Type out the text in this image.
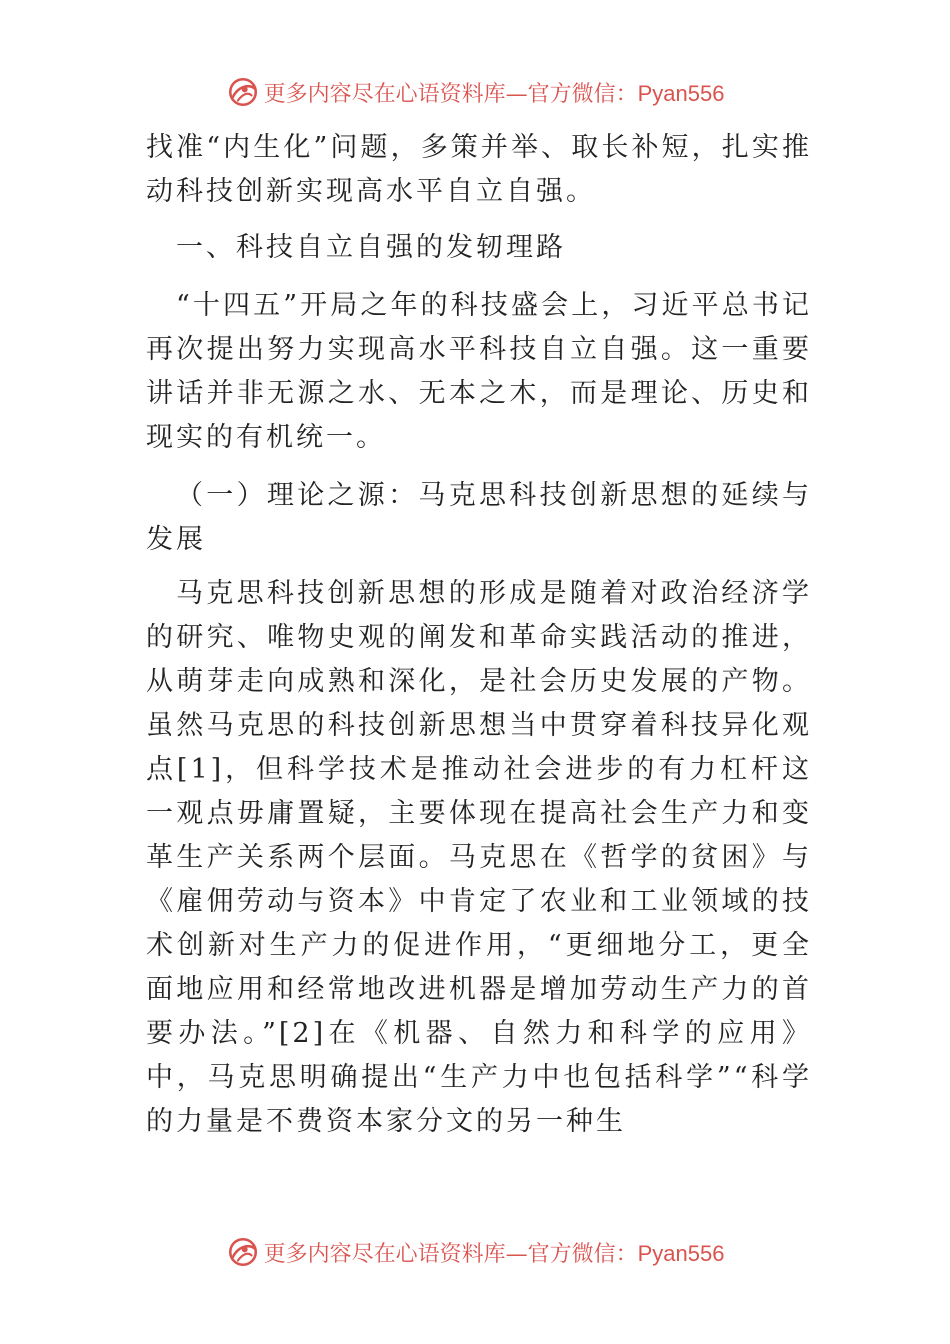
更多内容尽在心语资料库—官方微信：Pyan556

找准“内生化”问题，多策并举、取长补短，扎实推动科技创新实现高水平自立自强。

一、科技自立自强的发轫理路

“十四五”开局之年的科技盛会上，习近平总书记再次提出努力实现高水平科技自立自强。这一重要讲话并非无源之水、无本之木，而是理论、历史和现实的有机统一。

（一）理论之源：马克思科技创新思想的延续与发展

马克思科技创新思想的形成是随着对政治经济学的研究、唯物史观的阐发和革命实践活动的推进，从萌芽走向成熟和深化，是社会历史发展的产物。虽然马克思的科技创新思想当中贯穿着科技异化观点[1]，但科学技术是推动社会进步的有力杠杆这一观点毋庸置疑，主要体现在提高社会生产力和变革生产关系两个层面。马克思在《哲学的贫困》与《雇佣劳动与资本》中肯定了农业和工业领域的技术创新对生产力的促进作用，“更细地分工，更全面地应用和经常地改进机器是增加劳动生产力的首要办法。”[2]在《机器、自然力和科学的应用》中，马克思明确提出“生产力中也包括科学”“科学的力量是不费资本家分文的另一种生

更多内容尽在心语资料库—官方微信：Pyan556
